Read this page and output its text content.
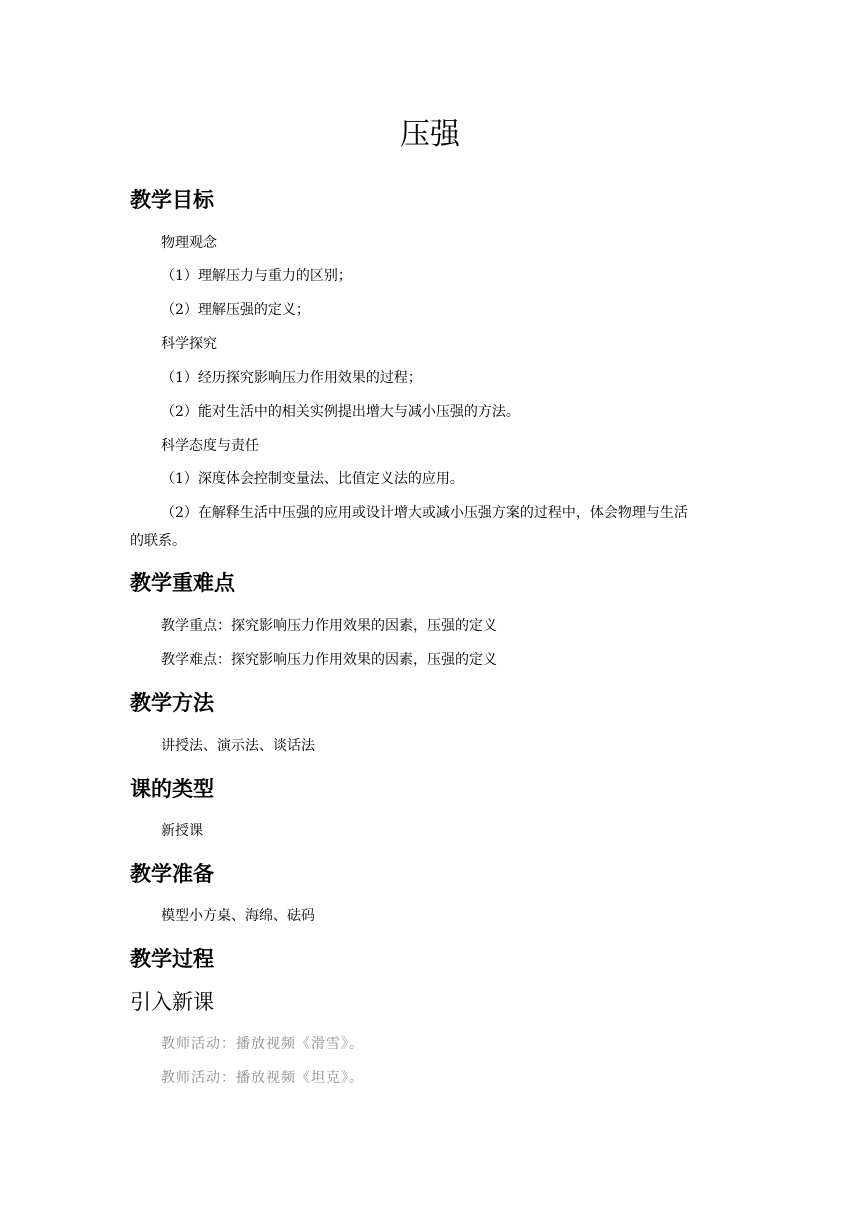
压强
教学目标

物理观念

（1）理解压力与重力的区别；

（2）理解压强的定义；

科学探究

（1）经历探究影响压力作用效果的过程；

（2）能对生活中的相关实例提出增大与减小压强的方法。

科学态度与责任

（1）深度体会控制变量法、比值定义法的应用。

（2）在解释生活中压强的应用或设计增大或减小压强方案的过程中，体会物理与生活

的联系。

教学重难点

教学重点：探究影响压力作用效果的因素，压强的定义

教学难点：探究影响压力作用效果的因素，压强的定义

教学方法

讲授法、演示法、谈话法

课的类型

新授课

教学准备

模型小方桌、海绵、砝码

教学过程
引入新课

教师活动：播放视频《滑雪》。

教师活动：播放视频《坦克》。
